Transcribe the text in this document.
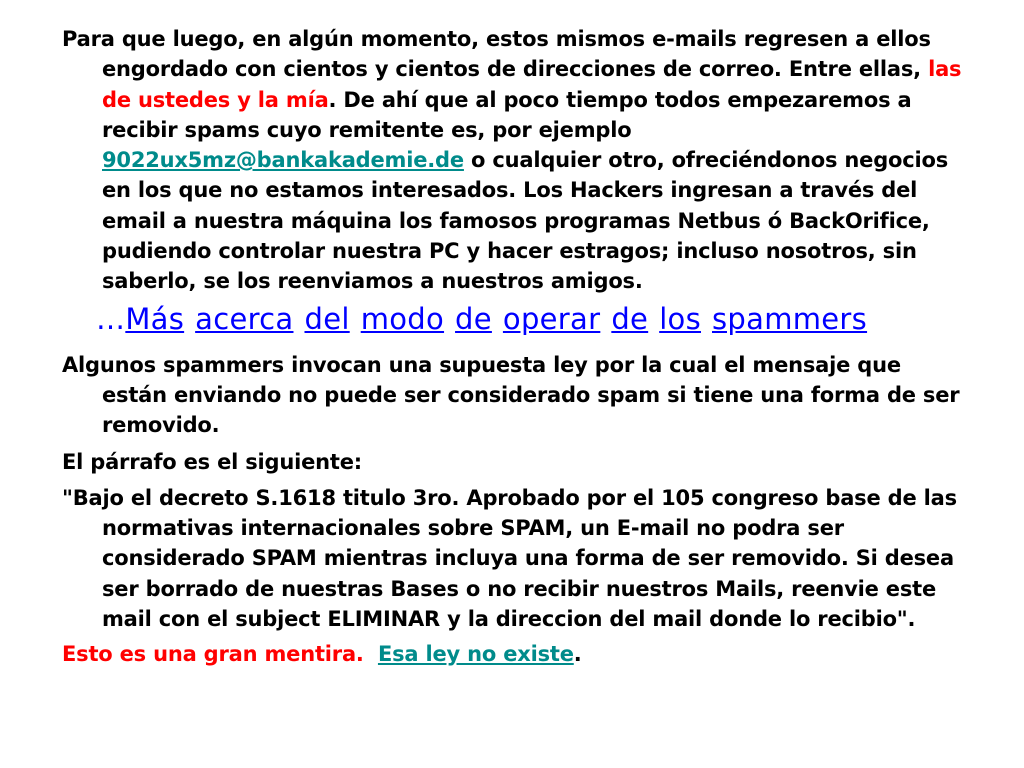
Para que luego, en algún momento, estos mismos e-mails regresen a ellos engordado con cientos y cientos de direcciones de correo. Entre ellas, las de ustedes y la mía. De ahí que al poco tiempo todos empezaremos a recibir spams cuyo remitente es, por ejemplo 9022ux5mz@bankakademie.de o cualquier otro, ofreciéndonos negocios en los que no estamos interesados. Los Hackers ingresan a través del email a nuestra máquina los famosos programas Netbus ó BackOrifice, pudiendo controlar nuestra PC y hacer estragos; incluso nosotros, sin saberlo, se los reenviamos a nuestros amigos.

…Más acerca del modo de operar de los spammers

Algunos spammers invocan una supuesta ley por la cual el mensaje que están enviando no puede ser considerado spam si tiene una forma de ser removido.

El párrafo es el siguiente:

"Bajo el decreto S.1618 titulo 3ro. Aprobado por el 105 congreso base de las normativas internacionales sobre SPAM, un E-mail no podra ser considerado SPAM mientras incluya una forma de ser removido. Si desea ser borrado de nuestras Bases o no recibir nuestros Mails, reenvie este mail con el subject ELIMINAR y la direccion del mail donde lo recibio".

Esto es una gran mentira. Esa ley no existe.
